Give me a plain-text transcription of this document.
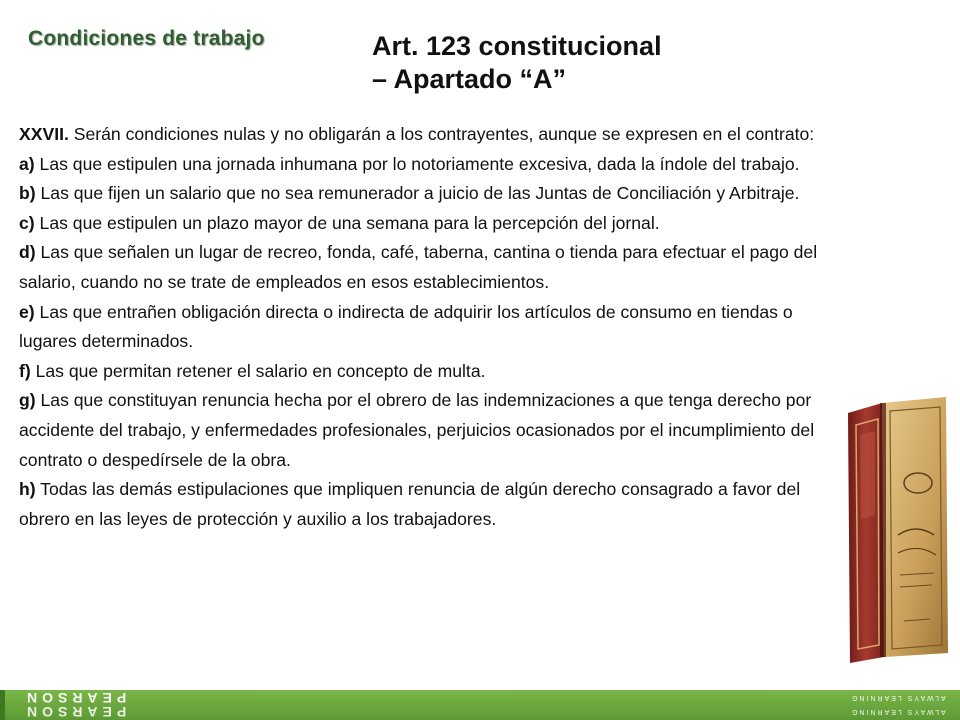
Condiciones de trabajo	Art. 123 constitucional
– Apartado “A”
XXVII. Serán condiciones nulas y no obligarán a los contrayentes, aunque se expresen en el contrato:
a) Las que estipulen una jornada inhumana por lo notoriamente excesiva, dada la índole del trabajo.
b) Las que fijen un salario que no sea remunerador a juicio de las Juntas de Conciliación y Arbitraje.
c) Las que estipulen un plazo mayor de una semana para la percepción del jornal.
d) Las que señalen un lugar de recreo, fonda, café, taberna, cantina o tienda para efectuar el pago del salario, cuando no se trate de empleados en esos establecimientos.
e) Las que entrañen obligación directa o indirecta de adquirir los artículos de consumo en tiendas o lugares determinados.
f) Las que permitan retener el salario en concepto de multa.
g) Las que constituyan renuncia hecha por el obrero de las indemnizaciones a que tenga derecho por accidente del trabajo, y enfermedades profesionales, perjuicios ocasionados por el incumplimiento del contrato o despedírsele de la obra.
h) Todas las demás estipulaciones que impliquen renuncia de algún derecho consagrado a favor del obrero en las leyes de protección y auxilio a los trabajadores.
PEARSON
PEARSON
ALWAYS LEARNING
ALWAYS LEARNING
